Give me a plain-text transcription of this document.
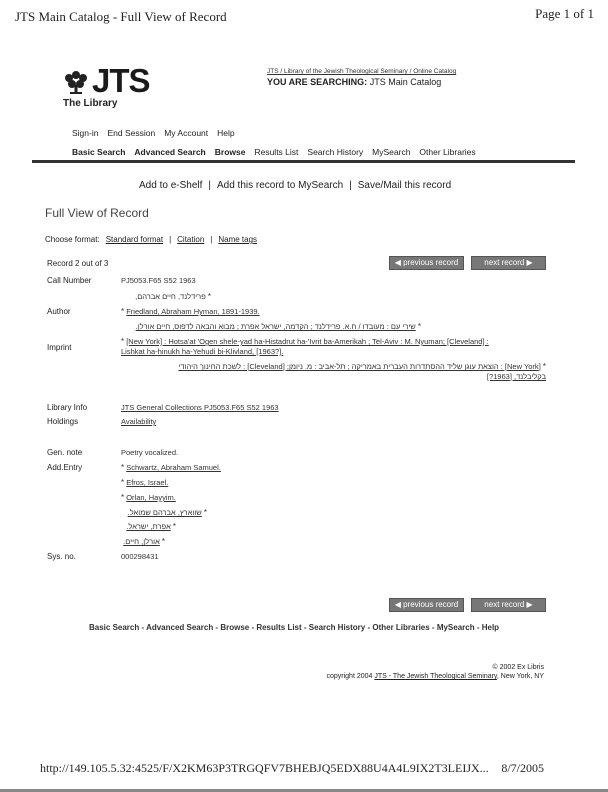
JTS Main Catalog - Full View of Record	Page 1 of 1
JTS
The Library
JTS / Library of the Jewish Theological Seminary / Online Catalog
YOU ARE SEARCHING: JTS Main Catalog
Sign-in End Session My Account Help
Basic Search Advanced Search Browse Results List Search History MySearch Other Libraries
Add to e-Shelf | Add this record to MySearch | Save/Mail this record
Full View of Record
Choose format: Standard format | Citation | Name tags
Record 2 out of 3	◀ previous record	next record ▶
Call Number	PJ5053.F65 S52 1963
* פרידלנד, חיים אברהם,
Author	* Friedland, Abraham Hyman, 1891-1939.
* שירי עם : מעובדו / ח.א. פרידלנד ; הקדמה, ישראל אפרת ; מבוא והבאה לדפוס, חיים אורלן.
Imprint
* [New York] : Hotsa'at 'Ogen shele-yad ha-Histadrut ha-'Ivrit ba-Amerikah ; Tel-Aviv : M. Nyuman; [Cleveland] :
Lishkat ha-hinukh ha-Yehudi bi-Klivland, [1963?].
* [New York] : הוצאת עוגן שליד ההסתדרות העברית באמריקה ; תל-אביב : מ. ניומן; [Cleveland] : לשכת החינוך היהודי
בקליבלנד, [1963?]
Library Info	JTS General Collections PJ5053.F65 S52 1963
Holdings	Availability
Gen. note	Poetry vocalized.
Add.Entry	* Schwartz, Abraham Samuel.
* Efros, Israel.
* Orlan, Hayyim.
* שווארץ, אברהם שמואל.
* אפרת, ישראל.
* אורלן, חיים.
Sys. no.	000298431
◀ previous record	next record ▶
Basic Search - Advanced Search - Browse - Results List - Search History - Other Libraries - MySearch - Help
© 2002 Ex Libris
copyright 2004 JTS - The Jewish Theological Seminary, New York, NY
http://149.105.5.32:4525/F/X2KM63P3TRGQFV7BHEBJQ5EDX88U4A4L9IX2T3LEIJX... 8/7/2005
